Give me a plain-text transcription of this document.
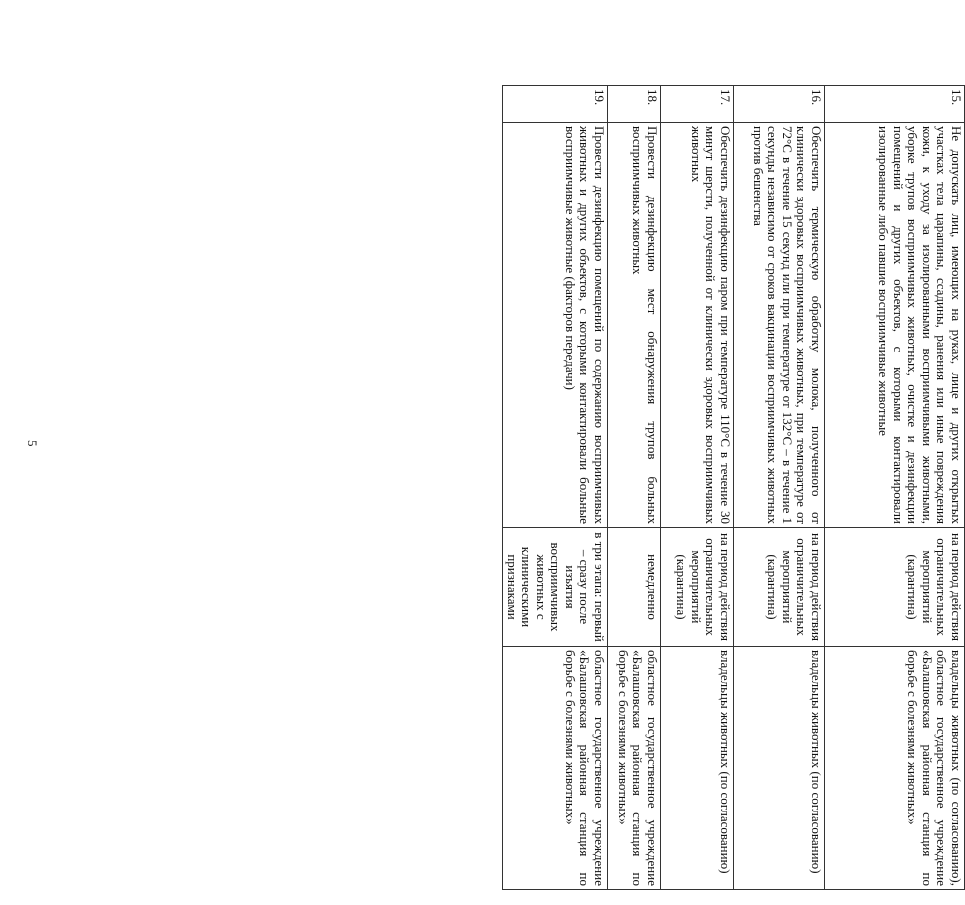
5
15.	Не допускать лиц, имеющих на руках, лице и других открытых участках тела царапины, ссадины, ранения или иные повреждения кожи, к уходу за изолированными восприимчивыми животными, уборке трупов восприимчивых животных, очистке и дезинфекции помещений и других объектов, с которыми контактировали изолированные либо павшие восприимчивые животные	на период действия ограничительных мероприятий (карантина)	владельцы животных (по согласованию), областное государственное учреждение «Балашовская районная станция по борьбе с болезнями животных»
16.	Обеспечить термическую обработку молока, полученного от клинически здоровых восприимчивых животных, при температуре от 72°С в течение 15 секунд или при температуре от 132°С – в течение 1 секунды независимо от сроков вакцинации восприимчивых животных против бешенства	на период действия ограничительных мероприятий (карантина)	владельцы животных (по согласованию)
17.	Обеспечить дезинфекцию паром при температуре 110°С в течение 30 минут шерсти, полученной от клинически здоровых восприимчивых животных	на период действия ограничительных мероприятий (карантина)	владельцы животных (по согласованию)
18.	Провести дезинфекцию мест обнаружения трупов больных восприимчивых животных	немедленно	областное государственное учреждение «Балашовская районная станция по борьбе с болезнями животных»
19.	Провести дезинфекцию помещений по содержанию восприимчивых животных и других объектов, с которыми контактировали больные восприимчивые животные (факторов передачи)	в три этапа: первый – сразу после изъятия восприимчивых животных с клиническими признаками	областное государственное учреждение «Балашовская районная станция по борьбе с болезнями животных»
